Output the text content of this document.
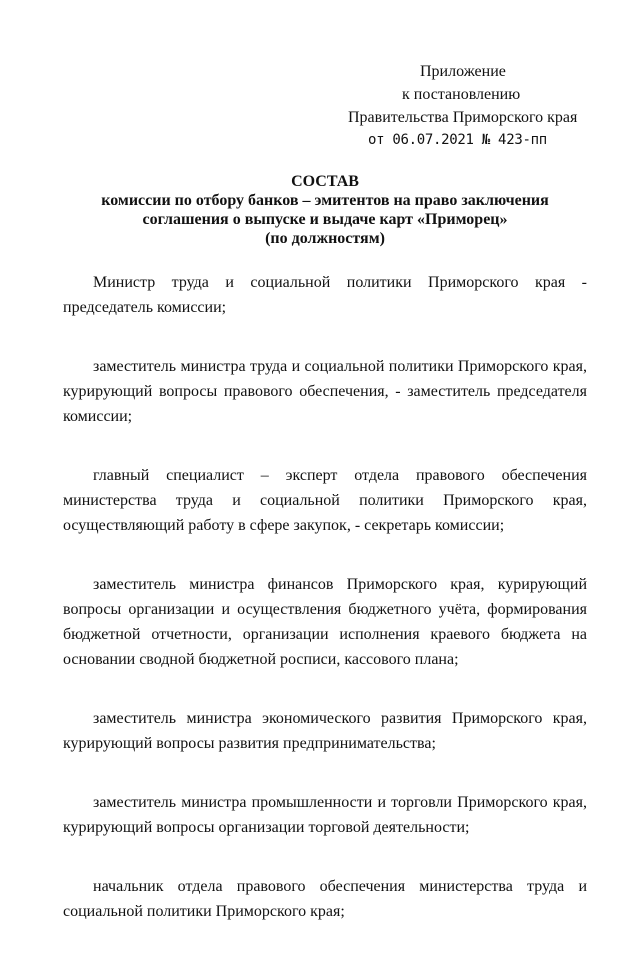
Приложение
к постановлению
Правительства Приморского края
от 06.07.2021 № 423-пп
СОСТАВ
комиссии по отбору банков – эмитентов на право заключения
соглашения о выпуске и выдаче карт «Приморец»
(по должностям)

Министр труда и социальной политики Приморского края - председатель комиссии;

заместитель министра труда и социальной политики Приморского края, курирующий вопросы правового обеспечения, - заместитель председателя комиссии;

главный специалист – эксперт отдела правового обеспечения министерства труда и социальной политики Приморского края, осуществляющий работу в сфере закупок, - секретарь комиссии;

заместитель министра финансов Приморского края, курирующий вопросы организации и осуществления бюджетного учёта, формирования бюджетной отчетности, организации исполнения краевого бюджета на основании сводной бюджетной росписи, кассового плана;

заместитель министра экономического развития Приморского края, курирующий вопросы развития предпринимательства;

заместитель министра промышленности и торговли Приморского края, курирующий вопросы организации торговой деятельности;

начальник отдела правового обеспечения министерства труда и социальной политики Приморского края;
